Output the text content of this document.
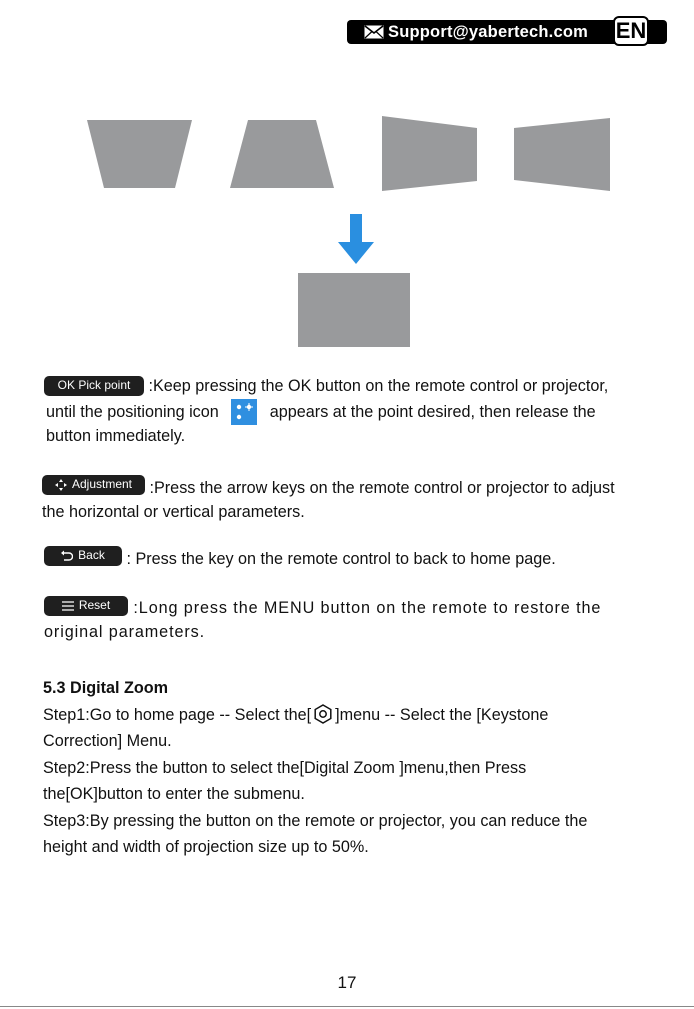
Support@yabertech.com EN
OK Pick point :Keep pressing the OK button on the remote control or projector,
until the positioning icon	appears at the point desired, then release the
button immediately.
Adjustment :Press the arrow keys on the remote control or projector to adjust
the horizontal or vertical parameters.
Back : Press the key on the remote control to back to home page.
Reset :Long press the MENU button on the remote to restore the
original parameters.
5.3 Digital Zoom
Step1:Go to home page -- Select the[ ]menu -- Select the [Keystone
Correction] Menu.
Step2:Press the button to select the[Digital Zoom ]menu,then Press
the[OK]button to enter the submenu.
Step3:By pressing the button on the remote or projector, you can reduce the
height and width of projection size up to 50%.
17
